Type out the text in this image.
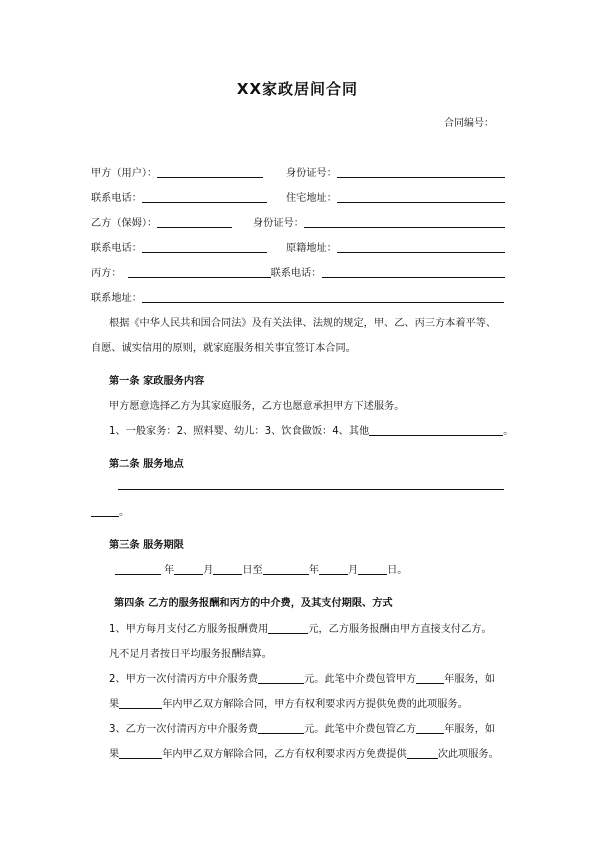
XX家政居间合同
合同编号：
甲方（用户）：	身份证号：
联系电话：	住宅地址：
乙方（保姆）：	身份证号：
联系电话：	原籍地址：
丙方：	联系电话：
联系地址：
根据《中华人民共和国合同法》及有关法律、法规的规定，甲、乙、丙三方本着平等、
自愿、诚实信用的原则，就家庭服务相关事宜签订本合同。
第一条 家政服务内容
甲方愿意选择乙方为其家庭服务，乙方也愿意承担甲方下述服务。
1、一般家务：2、照料婴、幼儿：3、饮食做饭：4、其他	。
第二条 服务地点
。
第三条 服务期限
年	月	日至	年	月	日。
第四条 乙方的服务报酬和丙方的中介费，及其支付期限、方式
1、甲方每月支付乙方服务报酬费用	元，乙方服务报酬由甲方直接支付乙方。
凡不足月者按日平均服务报酬结算。
2、甲方一次付清丙方中介服务费	元。此笔中介费包管甲方	年服务，如
果	年内甲乙双方解除合同，甲方有权利要求丙方提供免费的此项服务。
3、乙方一次付清丙方中介服务费	元。此笔中介费包管乙方	年服务，如
果	年内甲乙双方解除合同，乙方有权利要求丙方免费提供	次此项服务。
